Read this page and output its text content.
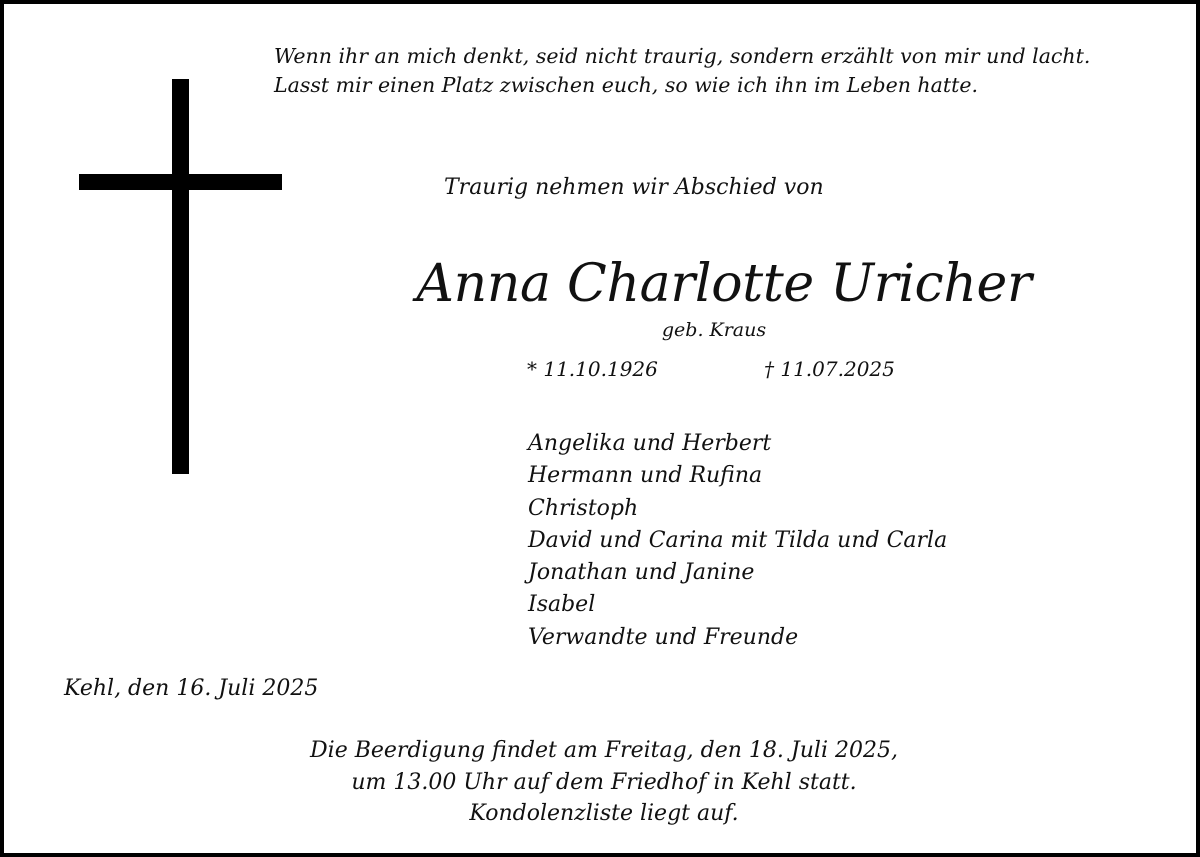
Wenn ihr an mich denkt, seid nicht traurig, sondern erzählt von mir und lacht.
Lasst mir einen Platz zwischen euch, so wie ich ihn im Leben hatte.
Traurig nehmen wir Abschied von
Anna Charlotte Uricher
geb. Kraus
* 11.10.1926	† 11.07.2025
Angelika und Herbert
Hermann und Rufina
Christoph
David und Carina mit Tilda und Carla
Jonathan und Janine
Isabel
Verwandte und Freunde
Kehl, den 16. Juli 2025
Die Beerdigung findet am Freitag, den 18. Juli 2025,
um 13.00 Uhr auf dem Friedhof in Kehl statt.
Kondolenzliste liegt auf.
